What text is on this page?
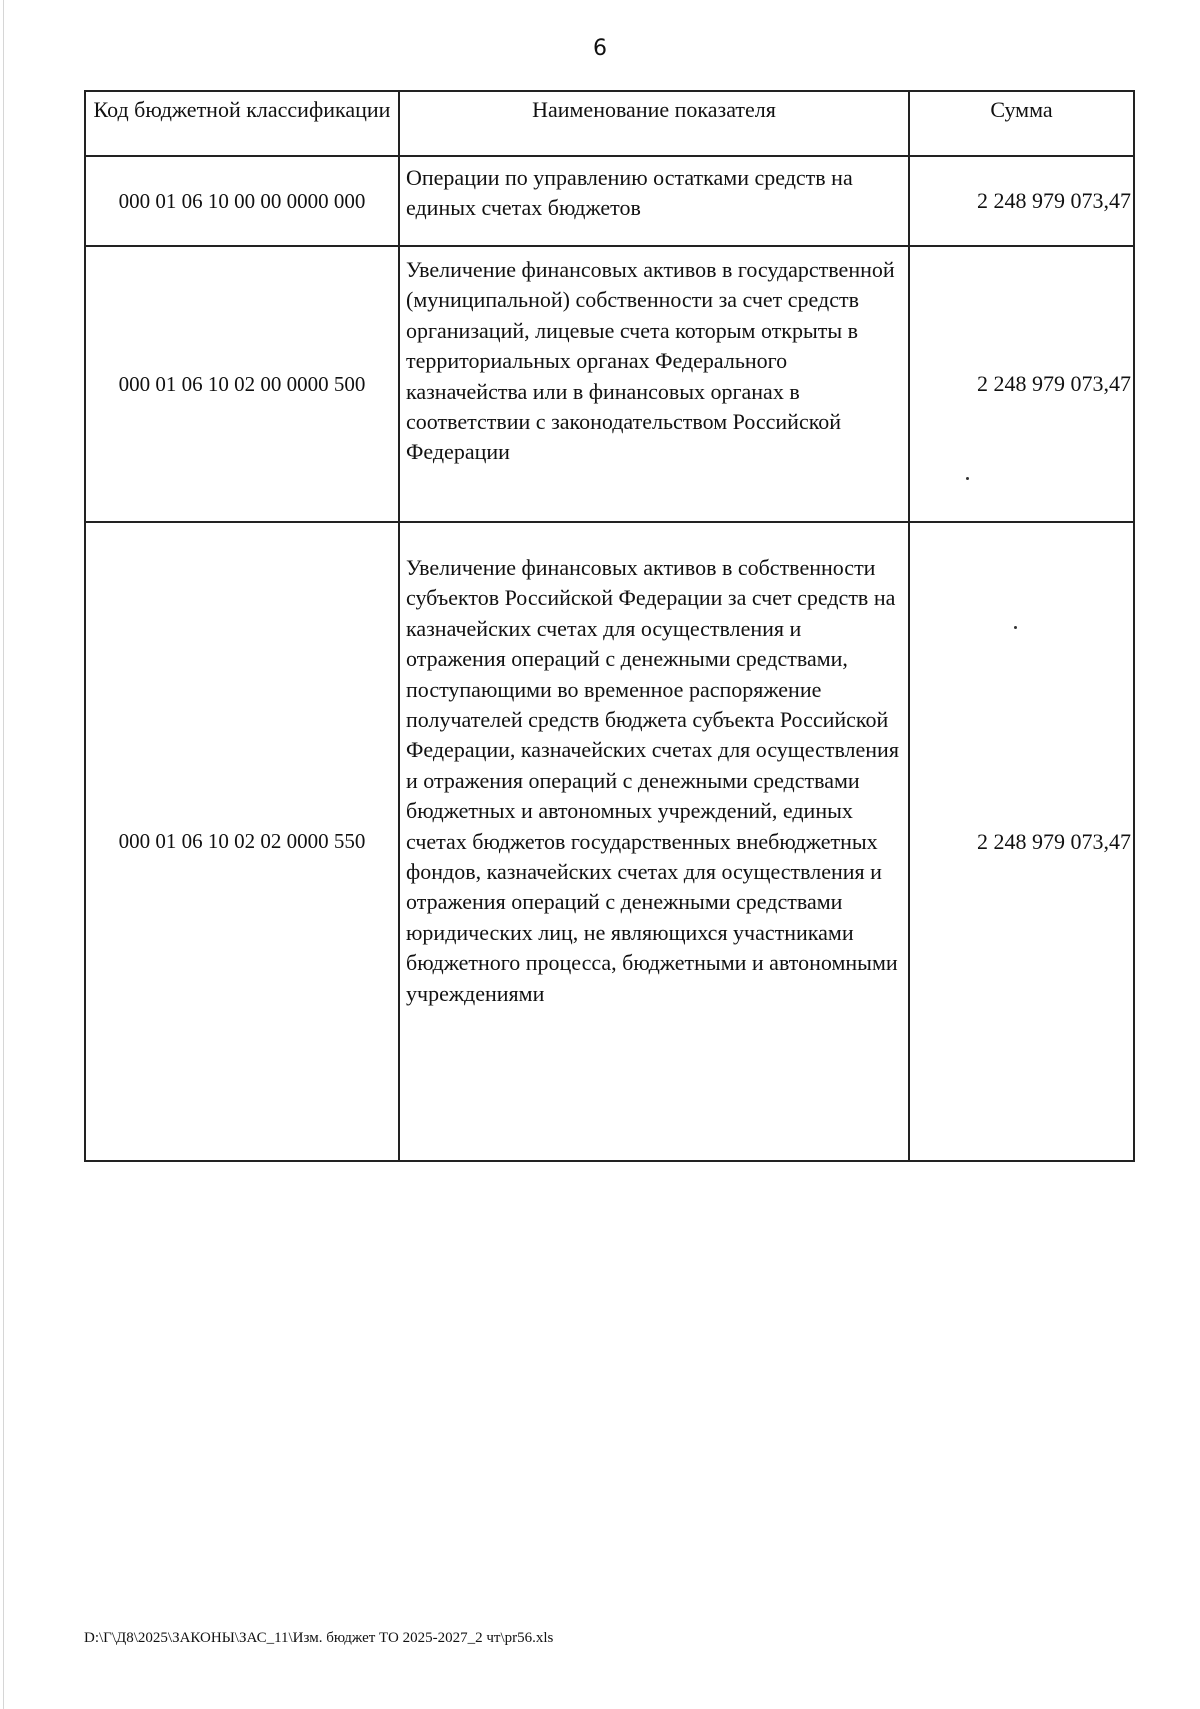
6
Код бюджетной классификации	Наименование показателя	Сумма
000 01 06 10 00 00 0000 000	Операции по управлению остатками средств на единых счетах бюджетов	2 248 979 073,47
000 01 06 10 02 00 0000 500	Увеличение финансовых активов в государственной (муниципальной) собственности за счет средств организаций, лицевые счета которым открыты в территориальных органах Федерального казначейства или в финансовых органах в соответствии с законодательством Российской Федерации	2 248 979 073,47
000 01 06 10 02 02 0000 550	Увеличение финансовых активов в собственности субъектов Российской Федерации за счет средств на казначейских счетах для осуществления и отражения операций с денежными средствами, поступающими во временное распоряжение получателей средств бюджета субъекта Российской Федерации, казначейских счетах для осуществления и отражения операций с денежными средствами бюджетных и автономных учреждений, единых счетах бюджетов государственных внебюджетных фондов, казначейских счетах для осуществления и отражения операций с денежными средствами юридических лиц, не являющихся участниками бюджетного процесса, бюджетными и автономными учреждениями	2 248 979 073,47
D:\Г\Д8\2025\ЗАКОНЫ\ЗАС_11\Изм. бюджет ТО 2025-2027_2 чт\pr56.xls
